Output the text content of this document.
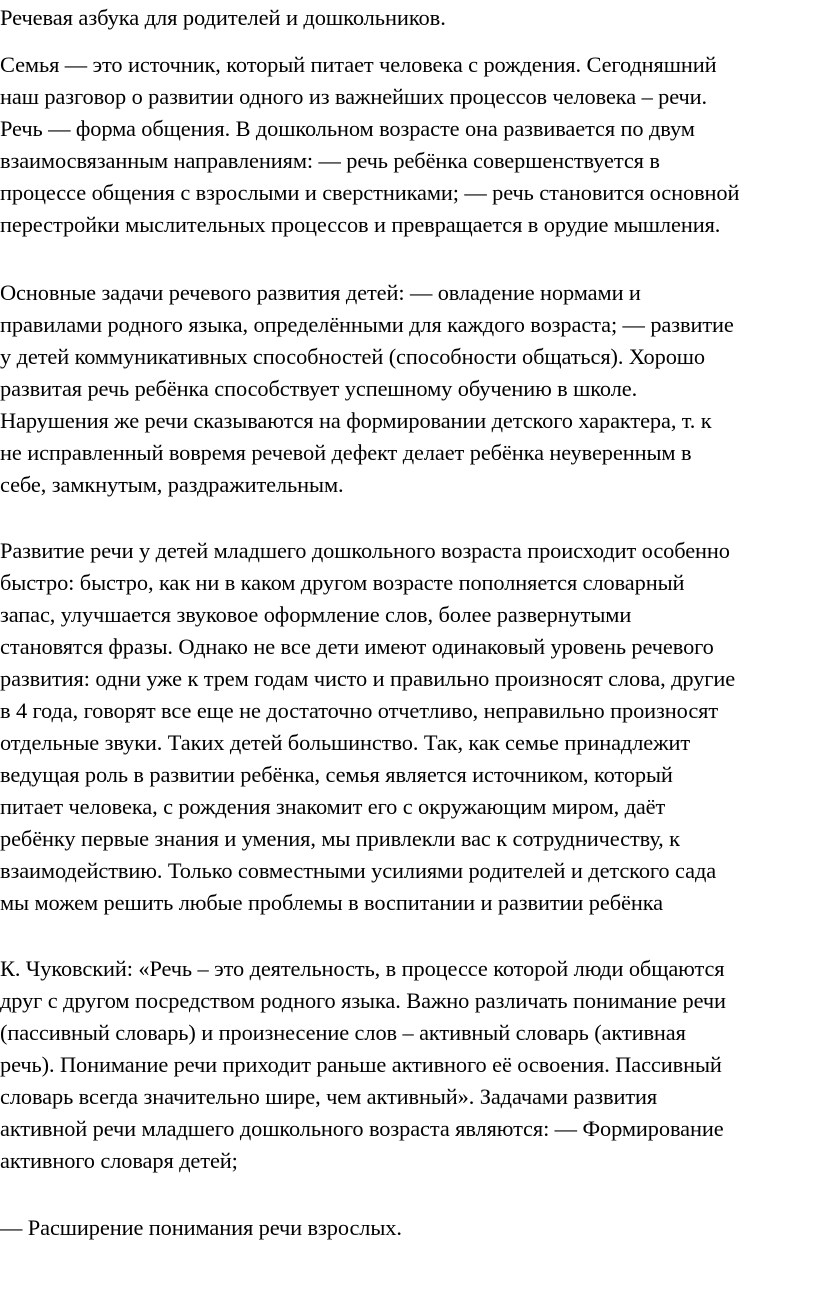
Речевая азбука для родителей и дошкольников.
Семья — это источник, который питает человека с рождения. Сегодняшний
наш разговор о развитии одного из важнейших процессов человека – речи.
Речь — форма общения. В дошкольном возрасте она развивается по двум
взаимосвязанным направлениям: — речь ребёнка совершенствуется в
процессе общения с взрослыми и сверстниками; — речь становится основной
перестройки мыслительных процессов и превращается в орудие мышления.
Основные задачи речевого развития детей: — овладение нормами и
правилами родного языка, определёнными для каждого возраста; — развитие
у детей коммуникативных способностей (способности общаться). Хорошо
развитая речь ребёнка способствует успешному обучению в школе.
Нарушения же речи сказываются на формировании детского характера, т. к
не исправленный вовремя речевой дефект делает ребёнка неуверенным в
себе, замкнутым, раздражительным.
Развитие речи у детей младшего дошкольного возраста происходит особенно
быстро: быстро, как ни в каком другом возрасте пополняется словарный
запас, улучшается звуковое оформление слов, более развернутыми
становятся фразы. Однако не все дети имеют одинаковый уровень речевого
развития: одни уже к трем годам чисто и правильно произносят слова, другие
в 4 года, говорят все еще не достаточно отчетливо, неправильно произносят
отдельные звуки. Таких детей большинство. Так, как семье принадлежит
ведущая роль в развитии ребёнка, семья является источником, который
питает человека, с рождения знакомит его с окружающим миром, даёт
ребёнку первые знания и умения, мы привлекли вас к сотрудничеству, к
взаимодействию. Только совместными усилиями родителей и детского сада
мы можем решить любые проблемы в воспитании и развитии ребёнка
К. Чуковский: «Речь – это деятельность, в процессе которой люди общаются
друг с другом посредством родного языка. Важно различать понимание речи
(пассивный словарь) и произнесение слов – активный словарь (активная
речь). Понимание речи приходит раньше активного её освоения. Пассивный
словарь всегда значительно шире, чем активный». Задачами развития
активной речи младшего дошкольного возраста являются: — Формирование
активного словаря детей;
— Расширение понимания речи взрослых.
